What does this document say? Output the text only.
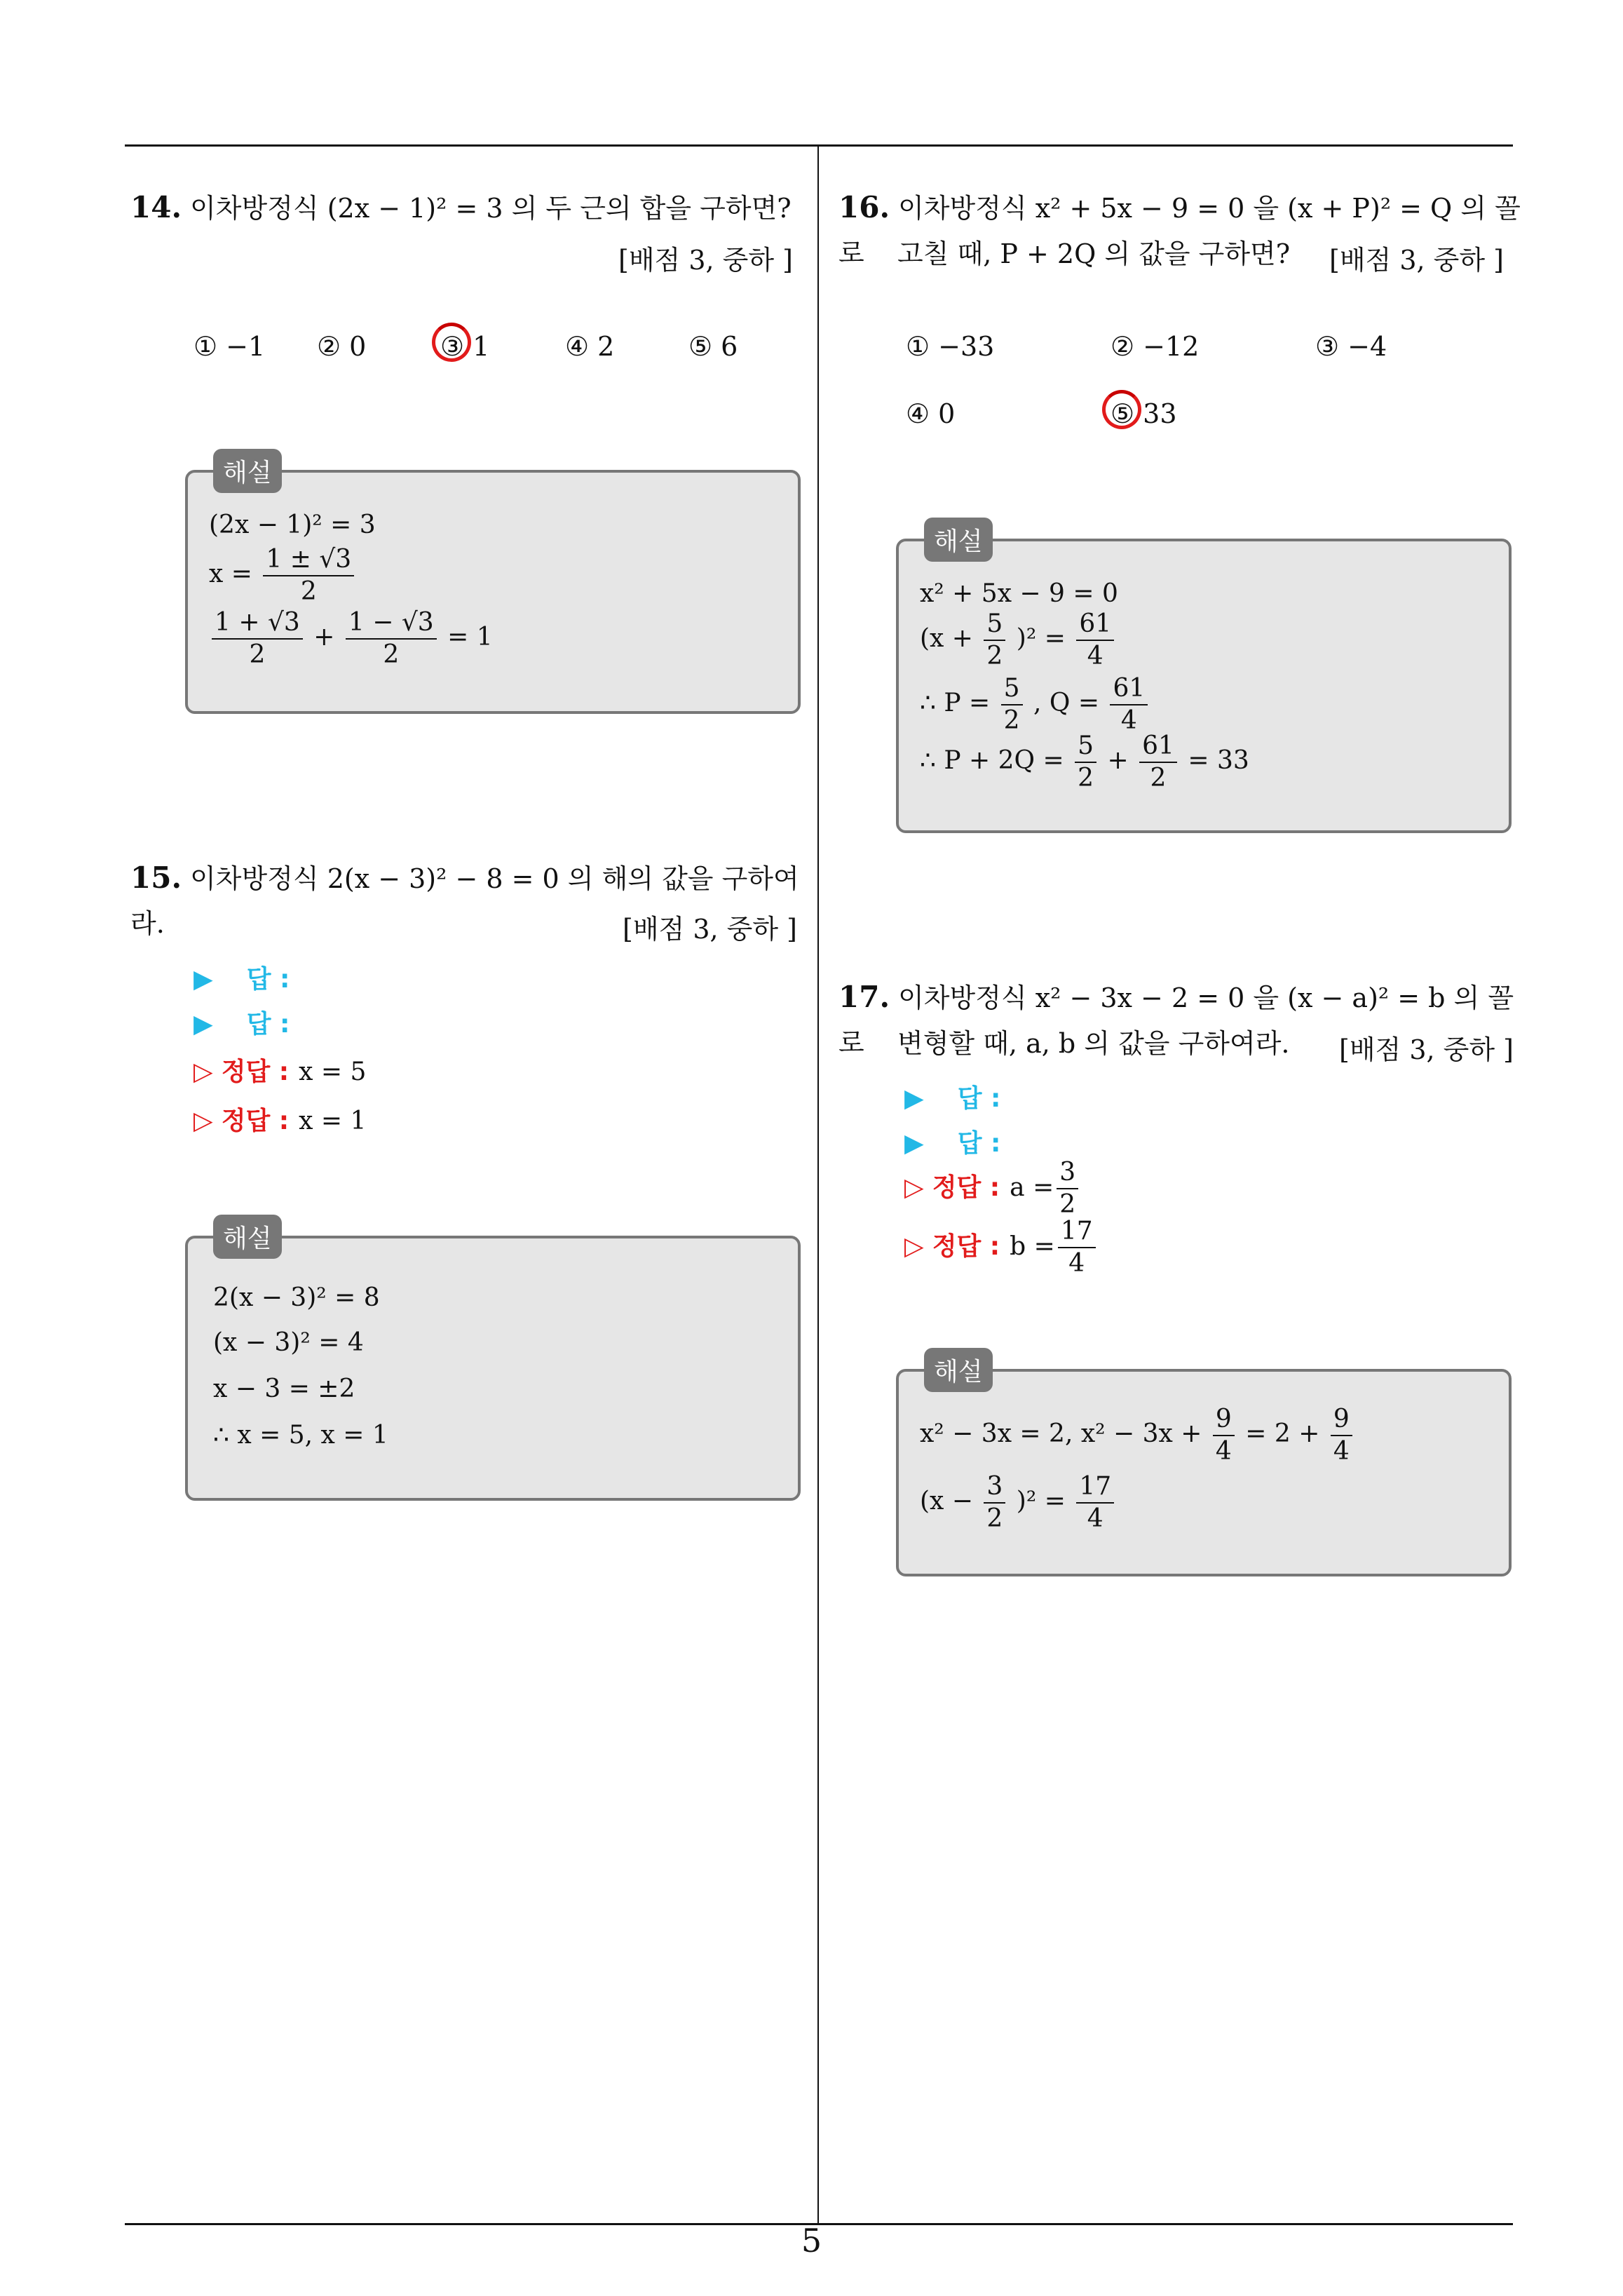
5
14. 이차방정식 (2x − 1)² = 3 의 두 근의 합을 구하면?
[배점 3, 중하 ]
① −1 ② 0	③ 1	④ 2	⑤ 6
해설
(2x − 1)² = 3
$x = \frac{1 \pm √3}{2}$
$\frac{1 + √3}{2} + \frac{1 - √3}{2} = 1$
15. 이차방정식 2(x − 3)² − 8 = 0 의 해의 값을 구하여라.	[배점 3, 중하 ]
▶ 답 :
▶ 답 :
▷ 정답 : x = 5
▷ 정답 : x = 1
해설
2(x − 3)² = 8
(x − 3)² = 4
x − 3 = ±2
∴ x = 5, x = 1
16. 이차방정식 x² + 5x − 9 = 0 을 (x + P)² = Q 의 꼴로	고칠 때, P + 2Q 의 값을 구하면? [배점 3, 중하 ]
① −33	② −12	③ −4
④ 0	⑤ 33
해설
x² + 5x − 9 = 0
$(x + \frac{5}{2} )^2 = \frac{61}{4}$
∴ $P = \frac{5}{2}$ , $Q = \frac{61}{4}$
∴ $P + 2Q = \frac{5}{2} + \frac{61}{2} = 33$
17. 이차방정식 x² − 3x − 2 = 0 을 (x − a)² = b 의 꼴로	변형할 때, a, b 의 값을 구하여라. [배점 3, 중하 ]
▶ 답 :
▶ 답 :
▷ 정답 : $a = \frac{3}{2}$
▷ 정답 : $b = \frac{17}{4}$
해설
x² − 3x = 2, $x^2 - 3x + \frac{9}{4} = 2 + \frac{9}{4}$
$(x - \frac{3}{2} )^2 = \frac{17}{4}$
